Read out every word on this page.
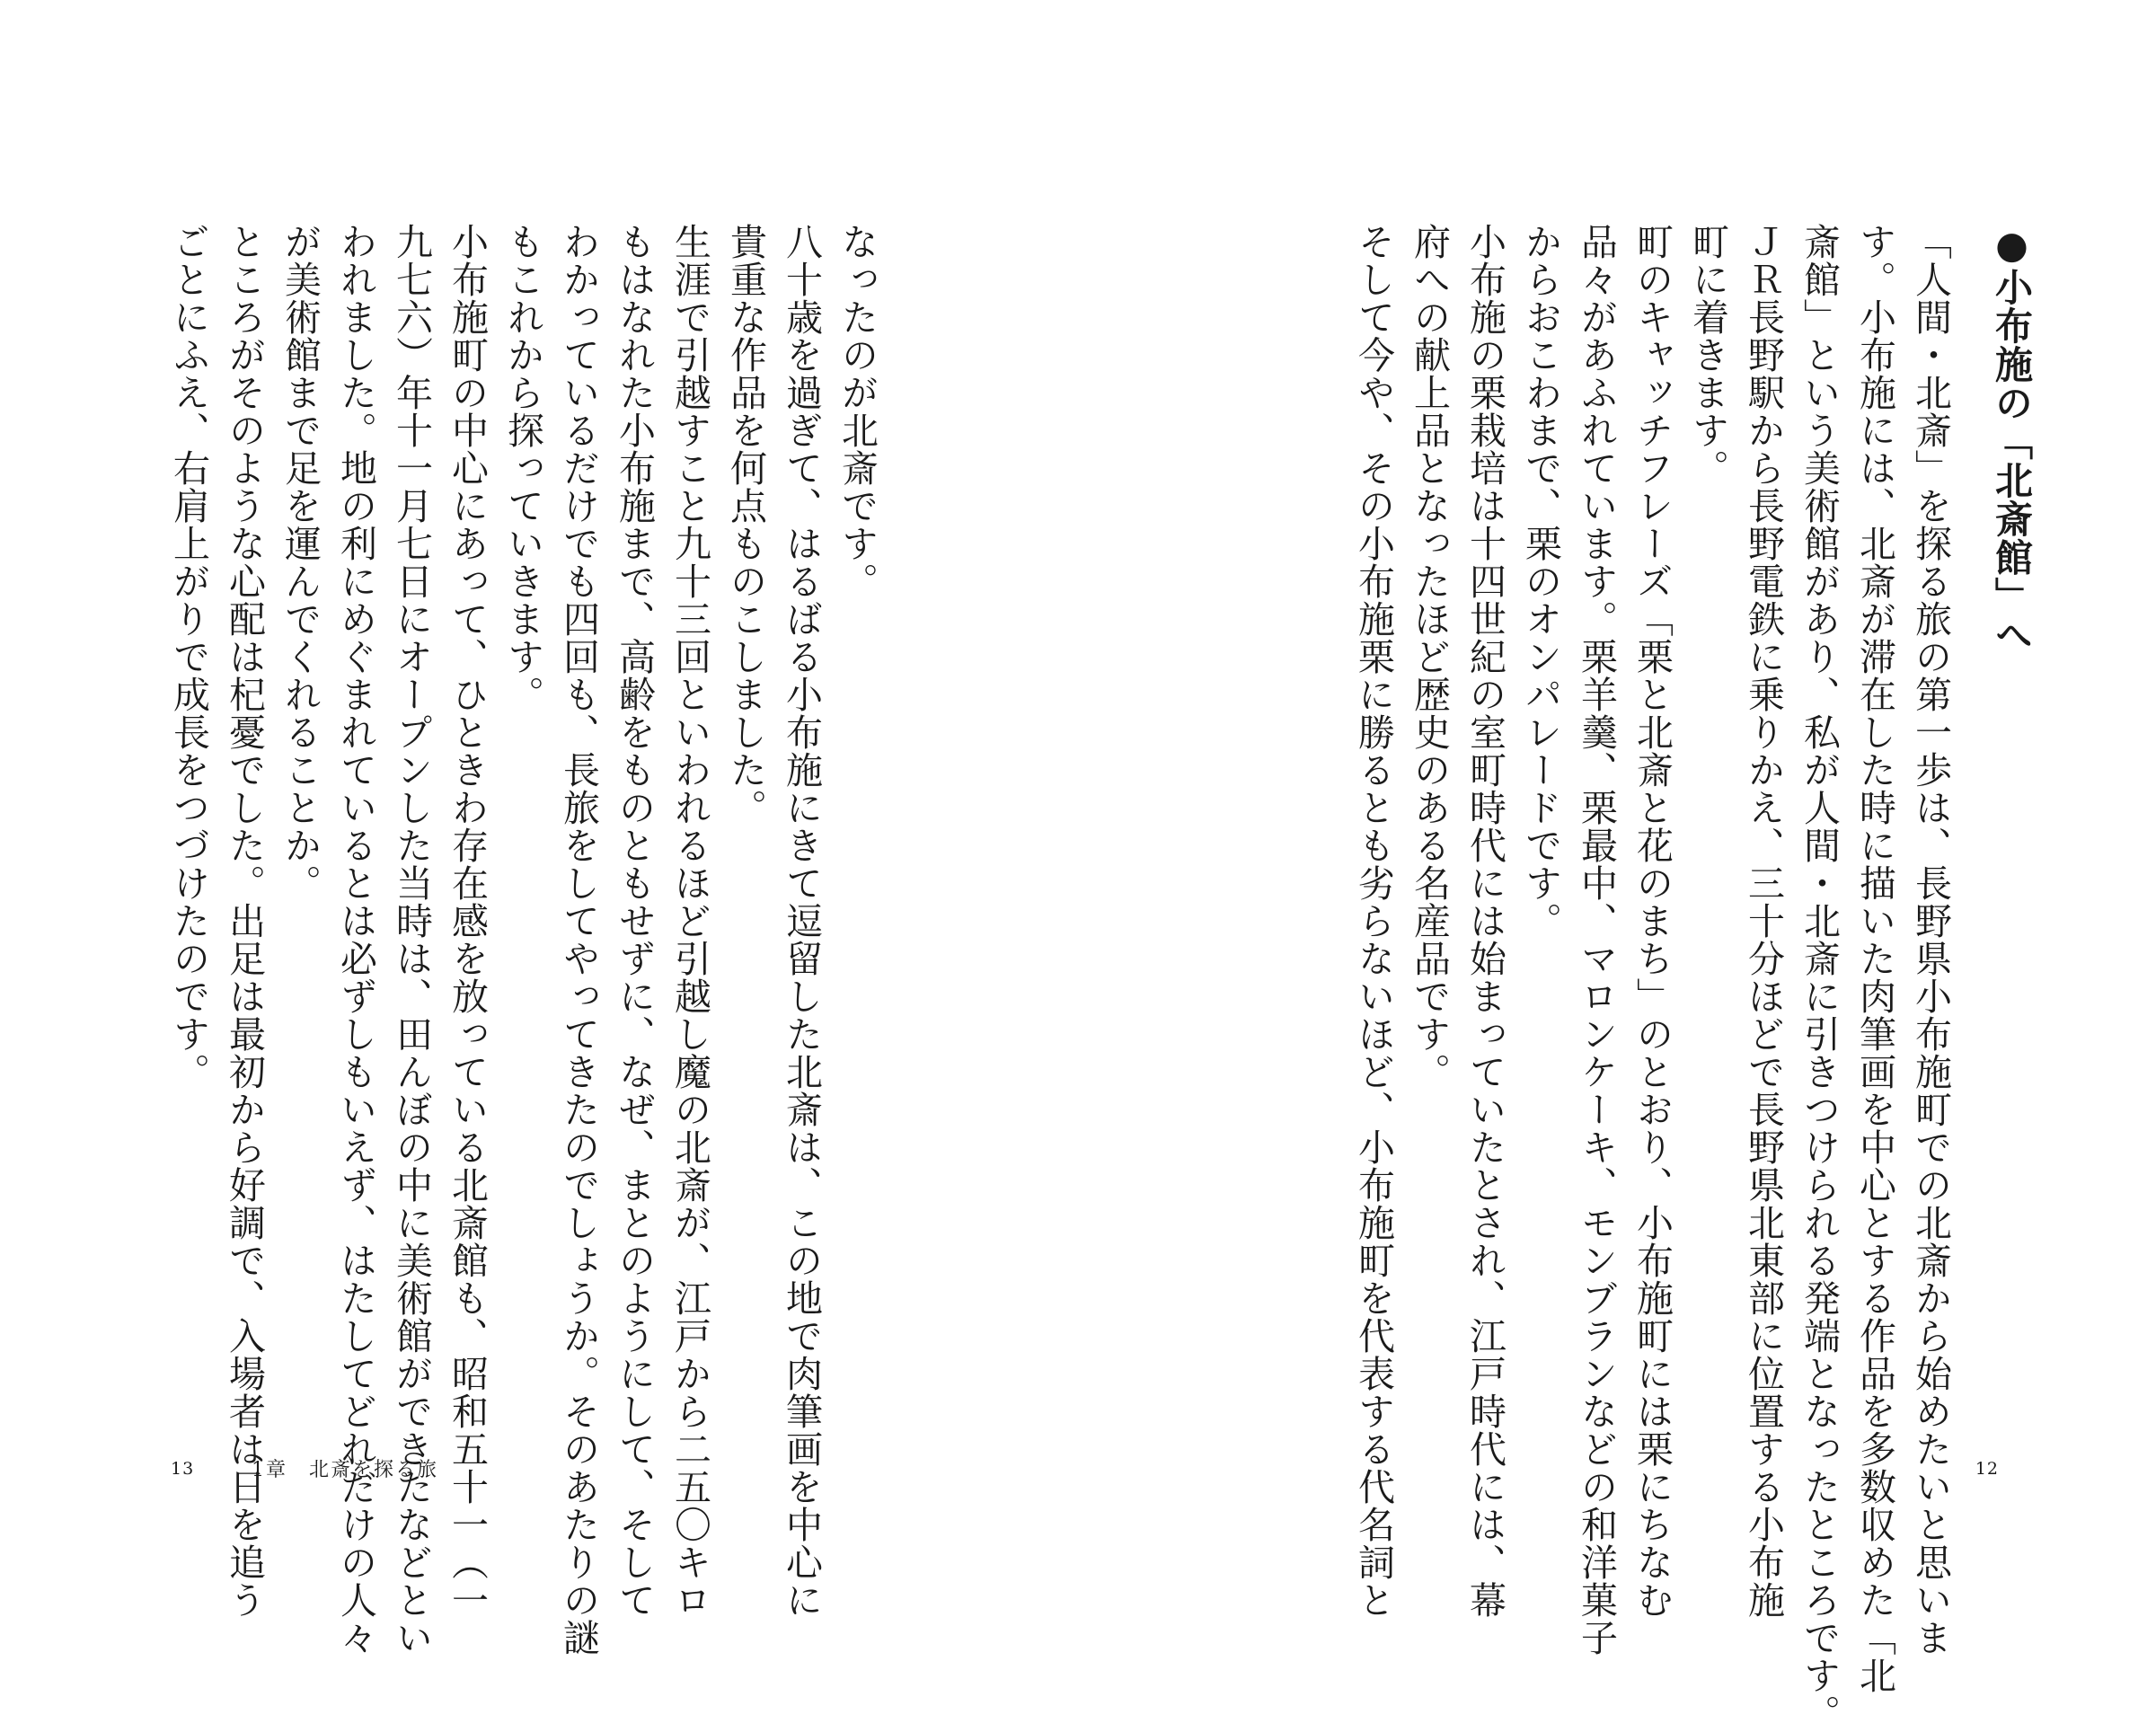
●小布施の「北斎館」へ

「人間・北斎」を探る旅の第一歩は、長野県小布施町での北斎から始めたいと思いま

す。小布施には、北斎が滞在した時に描いた肉筆画を中心とする作品を多数収めた「北

斎館」という美術館があり、私が人間・北斎に引きつけられる発端となったところです。

ＪＲ長野駅から長野電鉄に乗りかえ、三十分ほどで長野県北東部に位置する小布施

町に着きます。

町のキャッチフレーズ「栗と北斎と花のまち」のとおり、小布施町には栗にちなむ

品々があふれています。栗羊羹、栗最中、マロンケーキ、モンブランなどの和洋菓子

からおこわまで、栗のオンパレードです。

小布施の栗栽培は十四世紀の室町時代には始まっていたとされ、江戸時代には、幕

府への献上品となったほど歴史のある名産品です。

そして今や、その小布施栗に勝るとも劣らないほど、小布施町を代表する代名詞と	12

なったのが北斎です。

八十歳を過ぎて、はるばる小布施にきて逗留した北斎は、この地で肉筆画を中心に

貴重な作品を何点ものこしました。

生涯で引越すこと九十三回といわれるほど引越し魔の北斎が、江戸から二五〇キロ

もはなれた小布施まで、高齢をものともせずに、なぜ、まとのようにして、そして

わかっているだけでも四回も、長旅をしてやってきたのでしょうか。そのあたりの謎

もこれから探っていきます。

小布施町の中心にあって、ひときわ存在感を放っている北斎館も、昭和五十一（一

九七六）年十一月七日にオープンした当時は、田んぼの中に美術館ができたなどとい

われました。地の利にめぐまれているとは必ずしもいえず、はたしてどれだけの人々

が美術館まで足を運んでくれることか。

ところがそのような心配は杞憂でした。出足は最初から好調で、入場者は日を追う

ごとにふえ、右肩上がりで成長をつづけたのです。

13	1章　北斎を探る旅
